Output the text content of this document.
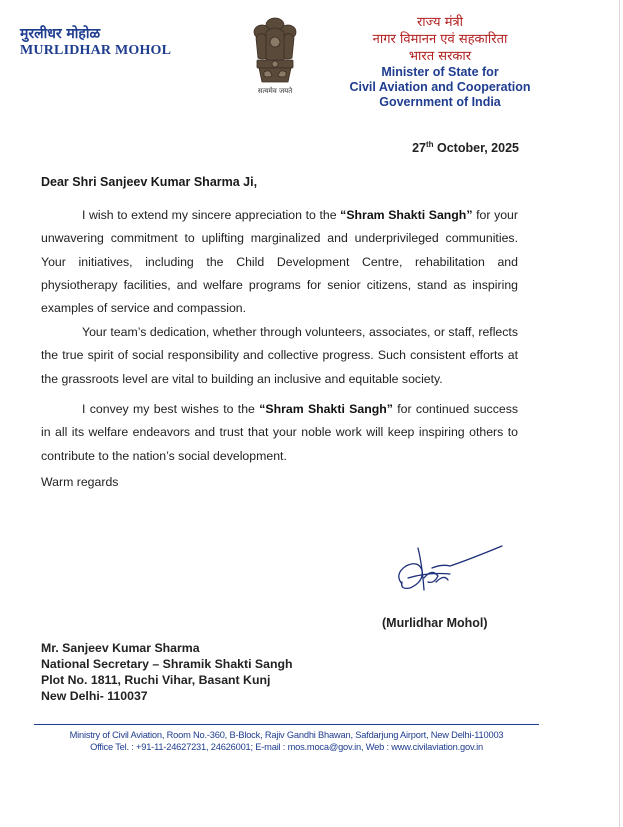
मुरलीधर मोहोळ
MURLIDHAR MOHOL
सत्यमेव जयते
राज्य मंत्री
नागर विमानन एवं सहकारिता
भारत सरकार
Minister of State for
Civil Aviation and Cooperation
Government of India
27th October, 2025
Dear Shri Sanjeev Kumar Sharma Ji,

I wish to extend my sincere appreciation to the “Shram Shakti Sangh” for your unwavering commitment to uplifting marginalized and underprivileged communities. Your initiatives, including the Child Development Centre, rehabilitation and physiotherapy facilities, and welfare programs for senior citizens, stand as inspiring examples of service and compassion.

Your team’s dedication, whether through volunteers, associates, or staff, reflects the true spirit of social responsibility and collective progress. Such consistent efforts at the grassroots level are vital to building an inclusive and equitable society.

I convey my best wishes to the “Shram Shakti Sangh” for continued success in all its welfare endeavors and trust that your noble work will keep inspiring others to contribute to the nation’s social development.

Warm regards
(Murlidhar Mohol)
Mr. Sanjeev Kumar Sharma
National Secretary – Shramik Shakti Sangh
Plot No. 1811, Ruchi Vihar, Basant Kunj
New Delhi- 110037
Ministry of Civil Aviation, Room No.-360, B-Block, Rajiv Gandhi Bhawan, Safdarjung Airport, New Delhi-110003
Office Tel. : +91-11-24627231, 24626001; E-mail : mos.moca@gov.in, Web : www.civilaviation.gov.in
